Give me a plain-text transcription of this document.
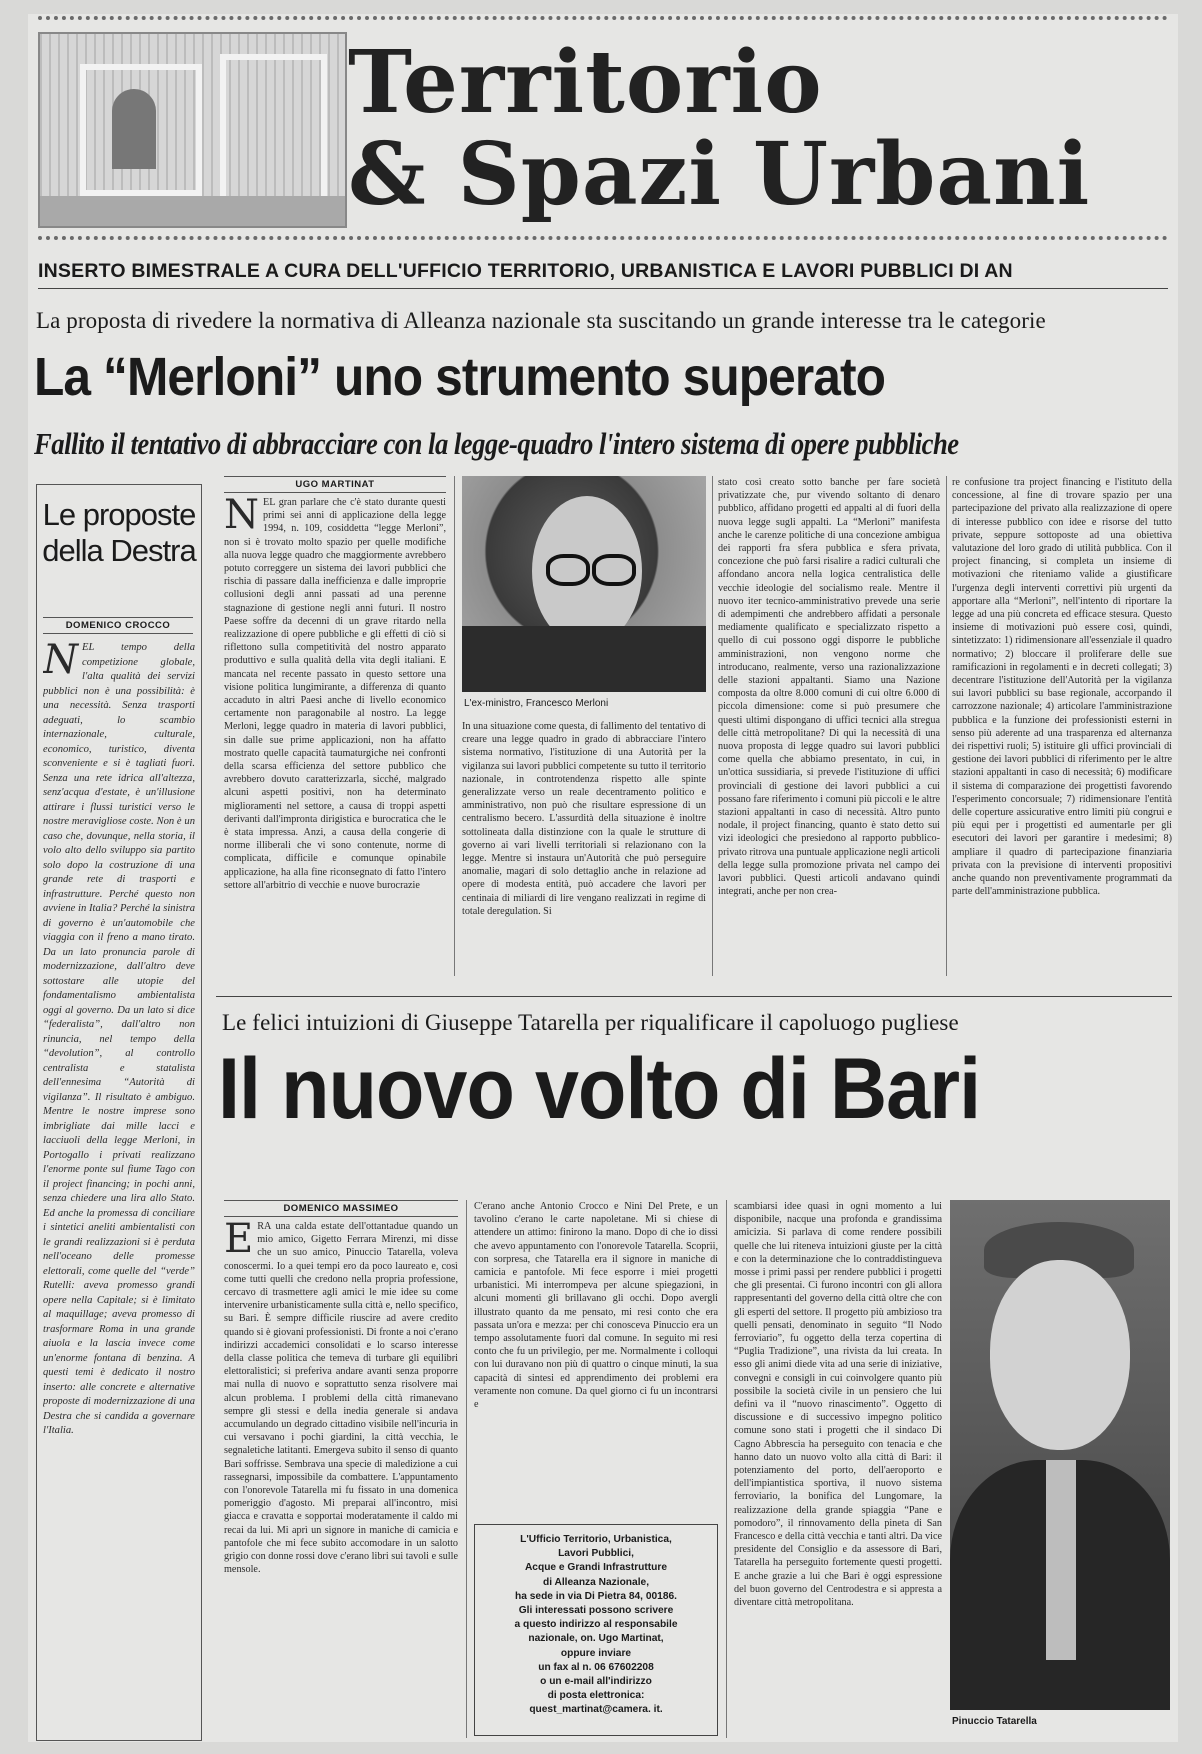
Territorio
& Spazi Urbani
INSERTO BIMESTRALE A CURA DELL'UFFICIO TERRITORIO, URBANISTICA E LAVORI PUBBLICI DI AN
La proposta di rivedere la normativa di Alleanza nazionale sta suscitando un grande interesse tra le categorie
La “Merloni” uno strumento superato
Fallito il tentativo di abbracciare con la legge-quadro l'intero sistema di opere pubbliche
Le proposte della Destra
DOMENICO CROCCO
NEL tempo della competizione globale, l'alta qualità dei servizi pubblici non è una possibilità: è una necessità. Senza trasporti adeguati, lo scambio internazionale, culturale, economico, turistico, diventa sconveniente e si è tagliati fuori. Senza una rete idrica all'altezza, senz'acqua d'estate, è un'illusione attirare i flussi turistici verso le nostre meravigliose coste. Non è un caso che, dovunque, nella storia, il volo alto dello sviluppo sia partito solo dopo la costruzione di una grande rete di trasporti e infrastrutture. Perché questo non avviene in Italia? Perché la sinistra di governo è un'automobile che viaggia con il freno a mano tirato. Da un lato pronuncia parole di modernizzazione, dall'altro deve sottostare alle utopie del fondamentalismo ambientalista oggi al governo. Da un lato si dice “federalista”, dall'altro non rinuncia, nel tempo della “devolution”, al controllo centralista e statalista dell'ennesima “Autorità di vigilanza”. Il risultato è ambiguo. Mentre le nostre imprese sono imbrigliate dai mille lacci e lacciuoli della legge Merloni, in Portogallo i privati realizzano l'enorme ponte sul fiume Tago con il project financing; in pochi anni, senza chiedere una lira allo Stato. Ed anche la promessa di conciliare i sintetici aneliti ambientalisti con le grandi realizzazioni si è perduta nell'oceano delle promesse elettorali, come quelle del “verde” Rutelli: aveva promesso grandi opere nella Capitale; si è limitato al maquillage; aveva promesso di trasformare Roma in una grande aiuola e la lascia invece come un'enorme fontana di benzina. A questi temi è dedicato il nostro inserto: alle concrete e alternative proposte di modernizzazione di una Destra che si candida a governare l'Italia.
UGO MARTINAT
NEL gran parlare che c'è stato durante questi primi sei anni di applicazione della legge 1994, n. 109, cosiddetta “legge Merloni”, non si è trovato molto spazio per quelle modifiche alla nuova legge quadro che maggiormente avrebbero potuto correggere un sistema dei lavori pubblici che rischia di passare dalla inefficienza e dalle improprie collusioni degli anni passati ad una perenne stagnazione di gestione negli anni futuri. Il nostro Paese soffre da decenni di un grave ritardo nella realizzazione di opere pubbliche e gli effetti di ciò si riflettono sulla competitività del nostro apparato produttivo e sulla qualità della vita degli italiani. E mancata nel recente passato in questo settore una visione politica lungimirante, a differenza di quanto accaduto in altri Paesi anche di livello economico certamente non paragonabile al nostro. La legge Merloni, legge quadro in materia di lavori pubblici, sin dalle sue prime applicazioni, non ha affatto mostrato quelle capacità taumaturgiche nei confronti della scarsa efficienza del settore pubblico che avrebbero dovuto caratterizzarla, sicché, malgrado alcuni aspetti positivi, non ha determinato miglioramenti nel settore, a causa di troppi aspetti derivanti dall'impronta dirigistica e burocratica che le è stata impressa. Anzi, a causa della congerie di norme illiberali che vi sono contenute, norme di complicata, difficile e comunque opinabile applicazione, ha alla fine riconsegnato di fatto l'intero settore all'arbitrio di vecchie e nuove burocrazie
L'ex-ministro, Francesco Merloni
In una situazione come questa, di fallimento del tentativo di creare una legge quadro in grado di abbracciare l'intero sistema normativo, l'istituzione di una Autorità per la vigilanza sui lavori pubblici competente su tutto il territorio nazionale, in controtendenza rispetto alle spinte generalizzate verso un reale decentramento politico e amministrativo, non può che risultare espressione di un centralismo becero. L'assurdità della situazione è inoltre sottolineata dalla distinzione con la quale le strutture di governo ai vari livelli territoriali si relazionano con la legge. Mentre si instaura un'Autorità che può perseguire anomalie, magari di solo dettaglio anche in relazione ad opere di modesta entità, può accadere che lavori per centinaia di miliardi di lire vengano realizzati in regime di totale deregulation. Si
stato così creato sotto banche per fare società privatizzate che, pur vivendo soltanto di denaro pubblico, affidano progetti ed appalti al di fuori della nuova legge sugli appalti. La “Merloni” manifesta anche le carenze politiche di una concezione ambigua dei rapporti fra sfera pubblica e sfera privata, concezione che può farsi risalire a radici culturali che affondano ancora nella logica centralistica delle vecchie ideologie del socialismo reale. Mentre il nuovo iter tecnico-amministrativo prevede una serie di adempimenti che andrebbero affidati a personale mediamente qualificato e specializzato rispetto a quello di cui possono oggi disporre le pubbliche amministrazioni, non vengono norme che introducano, realmente, verso una razionalizzazione delle stazioni appaltanti. Siamo una Nazione composta da oltre 8.000 comuni di cui oltre 6.000 di piccola dimensione: come si può presumere che questi ultimi dispongano di uffici tecnici alla stregua delle città metropolitane? Di qui la necessità di una nuova proposta di legge quadro sui lavori pubblici come quella che abbiamo presentato, in cui, in un'ottica sussidiaria, si prevede l'istituzione di uffici provinciali di gestione dei lavori pubblici a cui possano fare riferimento i comuni più piccoli e le altre stazioni appaltanti in caso di necessità. Altro punto nodale, il project financing, quanto è stato detto sui vizi ideologici che presiedono al rapporto pubblico-privato ritrova una puntuale applicazione negli articoli della legge sulla promozione privata nel campo dei lavori pubblici. Questi articoli andavano quindi integrati, anche per non crea-
re confusione tra project financing e l'istituto della concessione, al fine di trovare spazio per una partecipazione del privato alla realizzazione di opere di interesse pubblico con idee e risorse del tutto private, seppure sottoposte ad una obiettiva valutazione del loro grado di utilità pubblica. Con il project financing, si completa un insieme di motivazioni che riteniamo valide a giustificare l'urgenza degli interventi correttivi più urgenti da apportare alla “Merloni”, nell'intento di riportare la legge ad una più concreta ed efficace stesura. Questo insieme di motivazioni può essere così, quindi, sintetizzato: 1) ridimensionare all'essenziale il quadro normativo; 2) bloccare il proliferare delle sue ramificazioni in regolamenti e in decreti collegati; 3) decentrare l'istituzione dell'Autorità per la vigilanza sui lavori pubblici su base regionale, accorpando il carrozzone nazionale; 4) articolare l'amministrazione pubblica e la funzione dei professionisti esterni in senso più aderente ad una trasparenza ed alternanza dei rispettivi ruoli; 5) istituire gli uffici provinciali di gestione dei lavori pubblici di riferimento per le altre stazioni appaltanti in caso di necessità; 6) modificare il sistema di comparazione dei progettisti favorendo l'esperimento concorsuale; 7) ridimensionare l'entità delle coperture assicurative entro limiti più congrui e più equi per i progettisti ed aumentarle per gli esecutori dei lavori per garantire i medesimi; 8) ampliare il quadro di partecipazione finanziaria privata con la previsione di interventi propositivi anche quando non preventivamente programmati da parte dell'amministrazione pubblica.
Le felici intuizioni di Giuseppe Tatarella per riqualificare il capoluogo pugliese
Il nuovo volto di Bari
DOMENICO MASSIMEO
ERA una calda estate dell'ottantadue quando un mio amico, Gigetto Ferrara Mirenzi, mi disse che un suo amico, Pinuccio Tatarella, voleva conoscermi. Io a quei tempi ero da poco laureato e, così come tutti quelli che credono nella propria professione, cercavo di trasmettere agli amici le mie idee su come intervenire urbanisticamente sulla città e, nello specifico, su Bari. È sempre difficile riuscire ad avere credito quando si è giovani professionisti. Di fronte a noi c'erano indirizzi accademici consolidati e lo scarso interesse della classe politica che temeva di turbare gli equilibri elettoralistici; si preferiva andare avanti senza proporre mai nulla di nuovo e soprattutto senza risolvere mai alcun problema. I problemi della città rimanevano sempre gli stessi e della inedia generale si andava accumulando un degrado cittadino visibile nell'incuria in cui versavano i pochi giardini, la città vecchia, le segnaletiche latitanti. Emergeva subito il senso di quanto Bari soffrisse. Sembrava una specie di maledizione a cui rassegnarsi, impossibile da combattere. L'appuntamento con l'onorevole Tatarella mi fu fissato in una domenica pomeriggio d'agosto. Mi preparai all'incontro, misi giacca e cravatta e sopportai moderatamente il caldo mi recai da lui. Mi aprì un signore in maniche di camicia e pantofole che mi fece subito accomodare in un salotto grigio con donne rossi dove c'erano libri sui tavoli e sulle mensole.
C'erano anche Antonio Crocco e Nini Del Prete, e un tavolino c'erano le carte napoletane. Mi si chiese di attendere un attimo: finirono la mano. Dopo di che io dissi che avevo appuntamento con l'onorevole Tatarella. Scoprii, con sorpresa, che Tatarella era il signore in maniche di camicia e pantofole. Mi fece esporre i miei progetti urbanistici. Mi interrompeva per alcune spiegazioni, in alcuni momenti gli brillavano gli occhi. Dopo avergli illustrato quanto da me pensato, mi resi conto che era passata un'ora e mezza: per chi conosceva Pinuccio era un tempo assolutamente fuori dal comune. In seguito mi resi conto che fu un privilegio, per me. Normalmente i colloqui con lui duravano non più di quattro o cinque minuti, la sua capacità di sintesi ed apprendimento dei problemi era veramente non comune. Da quel giorno ci fu un incontrarsi e
L'Ufficio Territorio, Urbanistica,
Lavori Pubblici,
Acque e Grandi Infrastrutture
di Alleanza Nazionale,
ha sede in via Di Pietra 84, 00186.
Gli interessati possono scrivere
a questo indirizzo al responsabile
nazionale, on. Ugo Martinat,
oppure inviare
un fax al n. 06 67602208
o un e-mail all'indirizzo
di posta elettronica:
quest_martinat@camera. it.
scambiarsi idee quasi in ogni momento a lui disponibile, nacque una profonda e grandissima amicizia. Si parlava di come rendere possibili quelle che lui riteneva intuizioni giuste per la città e con la determinazione che lo contraddistingueva mosse i primi passi per rendere pubblici i progetti che gli presentai. Ci furono incontri con gli allora rappresentanti del governo della città oltre che con gli esperti del settore. Il progetto più ambizioso tra quelli pensati, denominato in seguito “Il Nodo ferroviario”, fu oggetto della terza copertina di “Puglia Tradizione”, una rivista da lui creata. In esso gli animi diede vita ad una serie di iniziative, convegni e consigli in cui coinvolgere quanto più possibile la società civile in un pensiero che lui definì va il “nuovo rinascimento”. Oggetto di discussione e di successivo impegno politico comune sono stati i progetti che il sindaco Di Cagno Abbrescia ha perseguito con tenacia e che hanno dato un nuovo volto alla città di Bari: il potenziamento del porto, dell'aeroporto e dell'impiantistica sportiva, il nuovo sistema ferroviario, la bonifica del Lungomare, la realizzazione della grande spiaggia “Pane e pomodoro”, il rinnovamento della pineta di San Francesco e della città vecchia e tanti altri. Da vice presidente del Consiglio e da assessore di Bari, Tatarella ha perseguito fortemente questi progetti. E anche grazie a lui che Bari è oggi espressione del buon governo del Centrodestra e si appresta a diventare città metropolitana.
Pinuccio Tatarella
